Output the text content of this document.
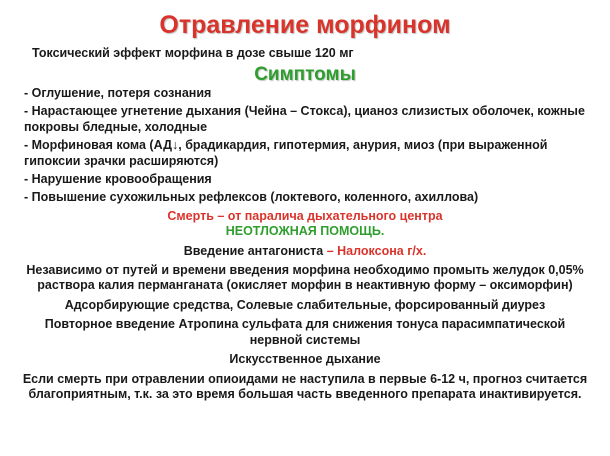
Отравление морфином
Токсический эффект морфина в дозе свыше 120 мг
Симптомы
- Оглушение, потеря сознания
- Нарастающее угнетение дыхания (Чейна – Стокса), цианоз слизистых оболочек, кожные покровы бледные, холодные
- Морфиновая кома (АД↓, брадикардия, гипотермия, анурия, миоз (при выраженной гипоксии зрачки расширяются)
- Нарушение кровообращения
- Повышение сухожильных рефлексов (локтевого, коленного, ахиллова)
Смерть – от паралича дыхательного центра
НЕОТЛОЖНАЯ ПОМОЩЬ.
Введение антагониста – Налоксона г/х.
Независимо от путей и времени введения морфина необходимо промыть желудок 0,05% раствора калия перманганата (окисляет морфин в неактивную форму – оксиморфин)
Адсорбирующие средства, Солевые слабительные, форсированный диурез
Повторное введение Атропина сульфата для снижения тонуса парасимпатической нервной системы
Искусственное дыхание
Если смерть при отравлении опиоидами не наступила в первые 6-12 ч, прогноз считается благоприятным, т.к. за это время большая часть введенного препарата инактивируется.
